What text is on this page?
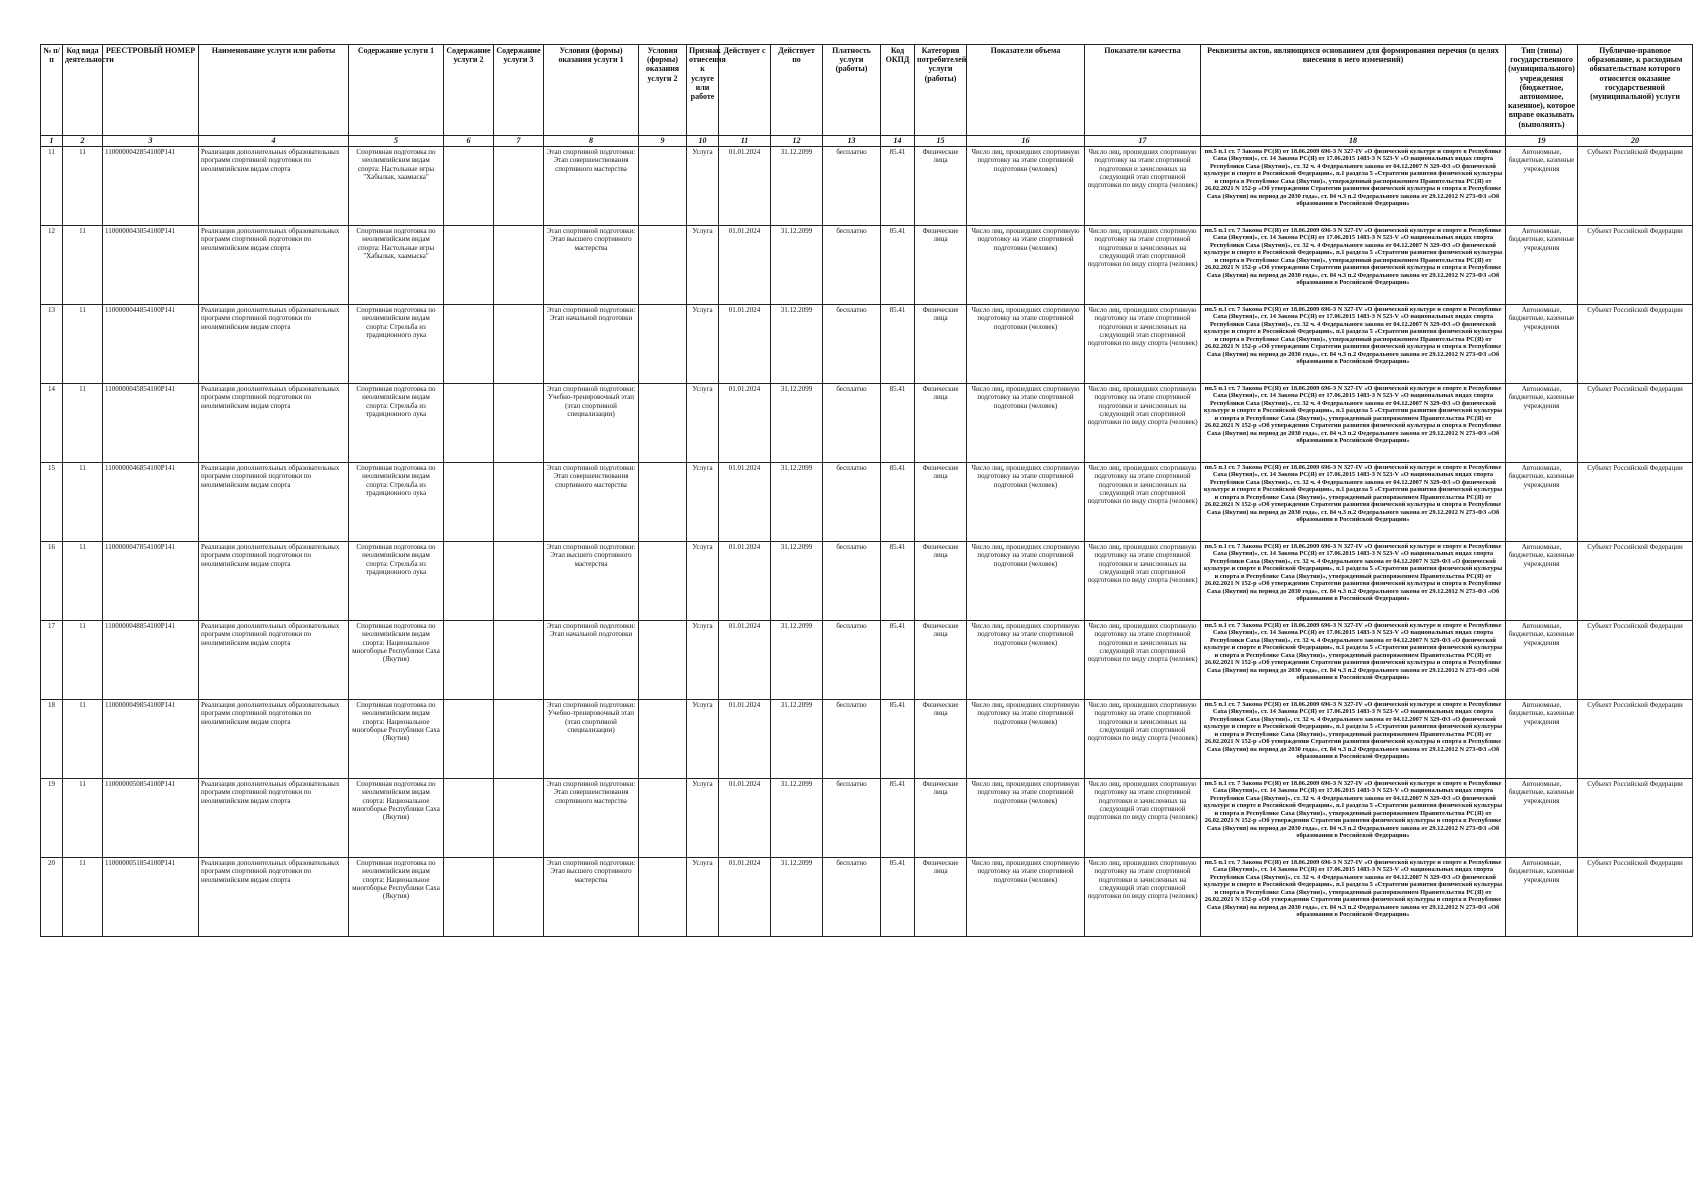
№ п/п	Код вида деятельности	РЕЕСТРОВЫЙ НОМЕР	Наименование услуги или работы	Содержание услуги 1	Содержание услуги 2	Содержание услуги 3	Условия (формы) оказания услуги 1	Условия (формы) оказания услуги 2	Признак отнесения к услуге или работе	Действует с	Действует по	Платность услуги (работы)	Код ОКПД	Категория потребителей услуги (работы)	Показатели объема	Показатели качества	Реквизиты актов, являющихся основанием для формирования перечня (в целях внесения в него изменений)	Тип (типы) государственного (муниципального) учреждения (бюджетное, автономное, казенное), которое вправе оказывать (выполнять)	Публично-правовое образование, к расходным обязательствам которого относится оказание государственной (муниципальной) услуги
1	2	3	4	5	6	7	8	9	10	11	12	13	14	15	16	17	18	19	20
11	11	1100000042854100Р141	Реализация дополнительных образовательных программ спортивной подготовки по неолимпийским видам спорта	Спортивная подготовка по неолимпийским видам спорта: Настольные игры "Хабылык, хаамыска"			Этап спортивной подготовки: Этап совершенствования спортивного мастерства		Услуга	01.01.2024	31.12.2099	бесплатно	85.41	Физические лица	Число лиц, прошедших спортивную подготовку на этапе спортивной подготовки (человек)	Число лиц, прошедших спортивную подготовку на этапе спортивной подготовки и зачисленных на следующий этап спортивной подготовки по виду спорта (человек)	пп.5 п.1 ст. 7 Закона РС(Я) от 18.06.2009 696-З N 327-IV «О физической культуре и спорте в Республике Саха (Якутия)», ст. 14 Закона РС(Я) от 17.06.2015 1483-З N 523-V «О национальных видах спорта Республики Саха (Якутия)», ст. 32 ч. 4 Федерального закона от 04.12.2007 N 329-ФЗ «О физической культуре и спорте в Российской Федерации», п.1 раздела 5 «Стратегии развития физической культуры и спорта в Республике Саха (Якутия)», утвержденный распоряжением Правительства РС(Я) от 26.02.2021 N 152-р «Об утверждении Стратегии развития физической культуры и спорта в Республике Саха (Якутия) на период до 2030 года», ст. 84 ч.3 п.2 Федерального закона от 29.12.2012 N 273-ФЗ «Об образовании в Российской Федерации»	Автономные, бюджетные, казенные учреждения	Субъект Российской Федерации
12	11	1100000043854100Р141	Реализация дополнительных образовательных программ спортивной подготовки по неолимпийским видам спорта	Спортивная подготовка по неолимпийским видам спорта: Настольные игры "Хабылык, хаамыска"			Этап спортивной подготовки: Этап высшего спортивного мастерства		Услуга	01.01.2024	31.12.2099	бесплатно	85.41	Физические лица	Число лиц, прошедших спортивную подготовку на этапе спортивной подготовки (человек)	Число лиц, прошедших спортивную подготовку на этапе спортивной подготовки и зачисленных на следующий этап спортивной подготовки по виду спорта (человек)	пп.5 п.1 ст. 7 Закона РС(Я) от 18.06.2009 696-З N 327-IV «О физической культуре и спорте в Республике Саха (Якутия)», ст. 14 Закона РС(Я) от 17.06.2015 1483-З N 523-V «О национальных видах спорта Республики Саха (Якутия)», ст. 32 ч. 4 Федерального закона от 04.12.2007 N 329-ФЗ «О физической культуре и спорте в Российской Федерации», п.1 раздела 5 «Стратегии развития физической культуры и спорта в Республике Саха (Якутия)», утвержденный распоряжением Правительства РС(Я) от 26.02.2021 N 152-р «Об утверждении Стратегии развития физической культуры и спорта в Республике Саха (Якутия) на период до 2030 года», ст. 84 ч.3 п.2 Федерального закона от 29.12.2012 N 273-ФЗ «Об образовании в Российской Федерации»	Автономные, бюджетные, казенные учреждения	Субъект Российской Федерации
13	11	1100000044854100Р141	Реализация дополнительных образовательных программ спортивной подготовки по неолимпийским видам спорта	Спортивная подготовка по неолимпийским видам спорта: Стрельба из традиционного лука			Этап спортивной подготовки: Этап начальной подготовки		Услуга	01.01.2024	31.12.2099	бесплатно	85.41	Физические лица	Число лиц, прошедших спортивную подготовку на этапе спортивной подготовки (человек)	Число лиц, прошедших спортивную подготовку на этапе спортивной подготовки и зачисленных на следующий этап спортивной подготовки по виду спорта (человек)	пп.5 п.1 ст. 7 Закона РС(Я) от 18.06.2009 696-З N 327-IV «О физической культуре и спорте в Республике Саха (Якутия)», ст. 14 Закона РС(Я) от 17.06.2015 1483-З N 523-V «О национальных видах спорта Республики Саха (Якутия)», ст. 32 ч. 4 Федерального закона от 04.12.2007 N 329-ФЗ «О физической культуре и спорте в Российской Федерации», п.1 раздела 5 «Стратегии развития физической культуры и спорта в Республике Саха (Якутия)», утвержденный распоряжением Правительства РС(Я) от 26.02.2021 N 152-р «Об утверждении Стратегии развития физической культуры и спорта в Республике Саха (Якутия) на период до 2030 года», ст. 84 ч.3 п.2 Федерального закона от 29.12.2012 N 273-ФЗ «Об образовании в Российской Федерации»	Автономные, бюджетные, казенные учреждения	Субъект Российской Федерации
14	11	1100000045854100Р141	Реализация дополнительных образовательных программ спортивной подготовки по неолимпийским видам спорта	Спортивная подготовка по неолимпийским видам спорта: Стрельба из традиционного лука			Этап спортивной подготовки: Учебно-тренировочный этап (этап спортивной специализации)		Услуга	01.01.2024	31.12.2099	бесплатно	85.41	Физические лица	Число лиц, прошедших спортивную подготовку на этапе спортивной подготовки (человек)	Число лиц, прошедших спортивную подготовку на этапе спортивной подготовки и зачисленных на следующий этап спортивной подготовки по виду спорта (человек)	пп.5 п.1 ст. 7 Закона РС(Я) от 18.06.2009 696-З N 327-IV «О физической культуре и спорте в Республике Саха (Якутия)», ст. 14 Закона РС(Я) от 17.06.2015 1483-З N 523-V «О национальных видах спорта Республики Саха (Якутия)», ст. 32 ч. 4 Федерального закона от 04.12.2007 N 329-ФЗ «О физической культуре и спорте в Российской Федерации», п.1 раздела 5 «Стратегии развития физической культуры и спорта в Республике Саха (Якутия)», утвержденный распоряжением Правительства РС(Я) от 26.02.2021 N 152-р «Об утверждении Стратегии развития физической культуры и спорта в Республике Саха (Якутия) на период до 2030 года», ст. 84 ч.3 п.2 Федерального закона от 29.12.2012 N 273-ФЗ «Об образовании в Российской Федерации»	Автономные, бюджетные, казенные учреждения	Субъект Российской Федерации
15	11	1100000046854100Р141	Реализация дополнительных образовательных программ спортивной подготовки по неолимпийским видам спорта	Спортивная подготовка по неолимпийским видам спорта: Стрельба из традиционного лука			Этап спортивной подготовки: Этап совершенствования спортивного мастерства		Услуга	01.01.2024	31.12.2099	бесплатно	85.41	Физические лица	Число лиц, прошедших спортивную подготовку на этапе спортивной подготовки (человек)	Число лиц, прошедших спортивную подготовку на этапе спортивной подготовки и зачисленных на следующий этап спортивной подготовки по виду спорта (человек)	пп.5 п.1 ст. 7 Закона РС(Я) от 18.06.2009 696-З N 327-IV «О физической культуре и спорте в Республике Саха (Якутия)», ст. 14 Закона РС(Я) от 17.06.2015 1483-З N 523-V «О национальных видах спорта Республики Саха (Якутия)», ст. 32 ч. 4 Федерального закона от 04.12.2007 N 329-ФЗ «О физической культуре и спорте в Российской Федерации», п.1 раздела 5 «Стратегии развития физической культуры и спорта в Республике Саха (Якутия)», утвержденный распоряжением Правительства РС(Я) от 26.02.2021 N 152-р «Об утверждении Стратегии развития физической культуры и спорта в Республике Саха (Якутия) на период до 2030 года», ст. 84 ч.3 п.2 Федерального закона от 29.12.2012 N 273-ФЗ «Об образовании в Российской Федерации»	Автономные, бюджетные, казенные учреждения	Субъект Российской Федерации
16	11	1100000047854100Р141	Реализация дополнительных образовательных программ спортивной подготовки по неолимпийским видам спорта	Спортивная подготовка по неолимпийским видам спорта: Стрельба из традиционного лука			Этап спортивной подготовки: Этап высшего спортивного мастерства		Услуга	01.01.2024	31.12.2099	бесплатно	85.41	Физические лица	Число лиц, прошедших спортивную подготовку на этапе спортивной подготовки (человек)	Число лиц, прошедших спортивную подготовку на этапе спортивной подготовки и зачисленных на следующий этап спортивной подготовки по виду спорта (человек)	пп.5 п.1 ст. 7 Закона РС(Я) от 18.06.2009 696-З N 327-IV «О физической культуре и спорте в Республике Саха (Якутия)», ст. 14 Закона РС(Я) от 17.06.2015 1483-З N 523-V «О национальных видах спорта Республики Саха (Якутия)», ст. 32 ч. 4 Федерального закона от 04.12.2007 N 329-ФЗ «О физической культуре и спорте в Российской Федерации», п.1 раздела 5 «Стратегии развития физической культуры и спорта в Республике Саха (Якутия)», утвержденный распоряжением Правительства РС(Я) от 26.02.2021 N 152-р «Об утверждении Стратегии развития физической культуры и спорта в Республике Саха (Якутия) на период до 2030 года», ст. 84 ч.3 п.2 Федерального закона от 29.12.2012 N 273-ФЗ «Об образовании в Российской Федерации»	Автономные, бюджетные, казенные учреждения	Субъект Российской Федерации
17	11	1100000048854100Р141	Реализация дополнительных образовательных программ спортивной подготовки по неолимпийским видам спорта	Спортивная подготовка по неолимпийским видам спорта: Национальное многоборье Республики Саха (Якутия)			Этап спортивной подготовки: Этап начальной подготовки		Услуга	01.01.2024	31.12.2099	бесплатно	85.41	Физические лица	Число лиц, прошедших спортивную подготовку на этапе спортивной подготовки (человек)	Число лиц, прошедших спортивную подготовку на этапе спортивной подготовки и зачисленных на следующий этап спортивной подготовки по виду спорта (человек)	пп.5 п.1 ст. 7 Закона РС(Я) от 18.06.2009 696-З N 327-IV «О физической культуре и спорте в Республике Саха (Якутия)», ст. 14 Закона РС(Я) от 17.06.2015 1483-З N 523-V «О национальных видах спорта Республики Саха (Якутия)», ст. 32 ч. 4 Федерального закона от 04.12.2007 N 329-ФЗ «О физической культуре и спорте в Российской Федерации», п.1 раздела 5 «Стратегии развития физической культуры и спорта в Республике Саха (Якутия)», утвержденный распоряжением Правительства РС(Я) от 26.02.2021 N 152-р «Об утверждении Стратегии развития физической культуры и спорта в Республике Саха (Якутия) на период до 2030 года», ст. 84 ч.3 п.2 Федерального закона от 29.12.2012 N 273-ФЗ «Об образовании в Российской Федерации»	Автономные, бюджетные, казенные учреждения	Субъект Российской Федерации
18	11	1100000049854100Р141	Реализация дополнительных образовательных программ спортивной подготовки по неолимпийским видам спорта	Спортивная подготовка по неолимпийским видам спорта: Национальное многоборье Республики Саха (Якутия)			Этап спортивной подготовки: Учебно-тренировочный этап (этап спортивной специализации)		Услуга	01.01.2024	31.12.2099	бесплатно	85.41	Физические лица	Число лиц, прошедших спортивную подготовку на этапе спортивной подготовки (человек)	Число лиц, прошедших спортивную подготовку на этапе спортивной подготовки и зачисленных на следующий этап спортивной подготовки по виду спорта (человек)	пп.5 п.1 ст. 7 Закона РС(Я) от 18.06.2009 696-З N 327-IV «О физической культуре и спорте в Республике Саха (Якутия)», ст. 14 Закона РС(Я) от 17.06.2015 1483-З N 523-V «О национальных видах спорта Республики Саха (Якутия)», ст. 32 ч. 4 Федерального закона от 04.12.2007 N 329-ФЗ «О физической культуре и спорте в Российской Федерации», п.1 раздела 5 «Стратегии развития физической культуры и спорта в Республике Саха (Якутия)», утвержденный распоряжением Правительства РС(Я) от 26.02.2021 N 152-р «Об утверждении Стратегии развития физической культуры и спорта в Республике Саха (Якутия) на период до 2030 года», ст. 84 ч.3 п.2 Федерального закона от 29.12.2012 N 273-ФЗ «Об образовании в Российской Федерации»	Автономные, бюджетные, казенные учреждения	Субъект Российской Федерации
19	11	1100000050854100Р141	Реализация дополнительных образовательных программ спортивной подготовки по неолимпийским видам спорта	Спортивная подготовка по неолимпийским видам спорта: Национальное многоборье Республики Саха (Якутия)			Этап спортивной подготовки: Этап совершенствования спортивного мастерства		Услуга	01.01.2024	31.12.2099	бесплатно	85.41	Физические лица	Число лиц, прошедших спортивную подготовку на этапе спортивной подготовки (человек)	Число лиц, прошедших спортивную подготовку на этапе спортивной подготовки и зачисленных на следующий этап спортивной подготовки по виду спорта (человек)	пп.5 п.1 ст. 7 Закона РС(Я) от 18.06.2009 696-З N 327-IV «О физической культуре и спорте в Республике Саха (Якутия)», ст. 14 Закона РС(Я) от 17.06.2015 1483-З N 523-V «О национальных видах спорта Республики Саха (Якутия)», ст. 32 ч. 4 Федерального закона от 04.12.2007 N 329-ФЗ «О физической культуре и спорте в Российской Федерации», п.1 раздела 5 «Стратегии развития физической культуры и спорта в Республике Саха (Якутия)», утвержденный распоряжением Правительства РС(Я) от 26.02.2021 N 152-р «Об утверждении Стратегии развития физической культуры и спорта в Республике Саха (Якутия) на период до 2030 года», ст. 84 ч.3 п.2 Федерального закона от 29.12.2012 N 273-ФЗ «Об образовании в Российской Федерации»	Автономные, бюджетные, казенные учреждения	Субъект Российской Федерации
20	11	1100000051854100Р141	Реализация дополнительных образовательных программ спортивной подготовки по неолимпийским видам спорта	Спортивная подготовка по неолимпийским видам спорта: Национальное многоборье Республики Саха (Якутия)			Этап спортивной подготовки: Этап высшего спортивного мастерства		Услуга	01.01.2024	31.12.2099	бесплатно	85.41	Физические лица	Число лиц, прошедших спортивную подготовку на этапе спортивной подготовки (человек)	Число лиц, прошедших спортивную подготовку на этапе спортивной подготовки и зачисленных на следующий этап спортивной подготовки по виду спорта (человек)	пп.5 п.1 ст. 7 Закона РС(Я) от 18.06.2009 696-З N 327-IV «О физической культуре и спорте в Республике Саха (Якутия)», ст. 14 Закона РС(Я) от 17.06.2015 1483-З N 523-V «О национальных видах спорта Республики Саха (Якутия)», ст. 32 ч. 4 Федерального закона от 04.12.2007 N 329-ФЗ «О физической культуре и спорте в Российской Федерации», п.1 раздела 5 «Стратегии развития физической культуры и спорта в Республике Саха (Якутия)», утвержденный распоряжением Правительства РС(Я) от 26.02.2021 N 152-р «Об утверждении Стратегии развития физической культуры и спорта в Республике Саха (Якутия) на период до 2030 года», ст. 84 ч.3 п.2 Федерального закона от 29.12.2012 N 273-ФЗ «Об образовании в Российской Федерации»	Автономные, бюджетные, казенные учреждения	Субъект Российской Федерации
